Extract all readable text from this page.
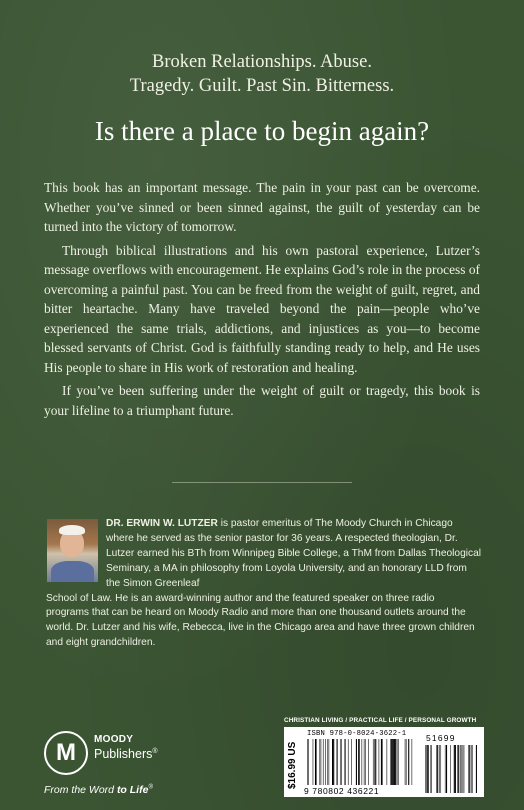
Broken Relationships. Abuse.
Tragedy. Guilt. Past Sin. Bitterness.
Is there a place to begin again?

This book has an important message. The pain in your past can be overcome. Whether you’ve sinned or been sinned against, the guilt of yesterday can be turned into the victory of tomorrow.

Through biblical illustrations and his own pastoral experience, Lutzer’s message overflows with encouragement. He explains God’s role in the process of overcoming a painful past. You can be freed from the weight of guilt, regret, and bitter heartache. Many have traveled beyond the pain—people who’ve experienced the same trials, addictions, and injustices as you—to become blessed servants of Christ. God is faithfully standing ready to help, and He uses His people to share in His work of restoration and healing.

If you’ve been suffering under the weight of guilt or tragedy, this book is your lifeline to a triumphant future.

DR. ERWIN W. LUTZER is pastor emeritus of The Moody Church in Chicago where he served as the senior pastor for 36 years. A respected theologian, Dr. Lutzer earned his BTh from Winnipeg Bible College, a ThM from Dallas Theological Seminary, a MA in philosophy from Loyola University, and an honorary LLD from the Simon Greenleaf
School of Law. He is an award-winning author and the featured speaker on three radio programs that can be heard on Moody Radio and more than one thousand outlets around the world. Dr. Lutzer and his wife, Rebecca, live in the Chicago area and have three grown children and eight grandchildren.

M MOODY
Publishers®
From the Word to Life®
CHRISTIAN LIVING / PRACTICAL LIFE / PERSONAL GROWTH
$16.99 US
ISBN 978-0-8024-3622-1
9 780802 436221
51699
